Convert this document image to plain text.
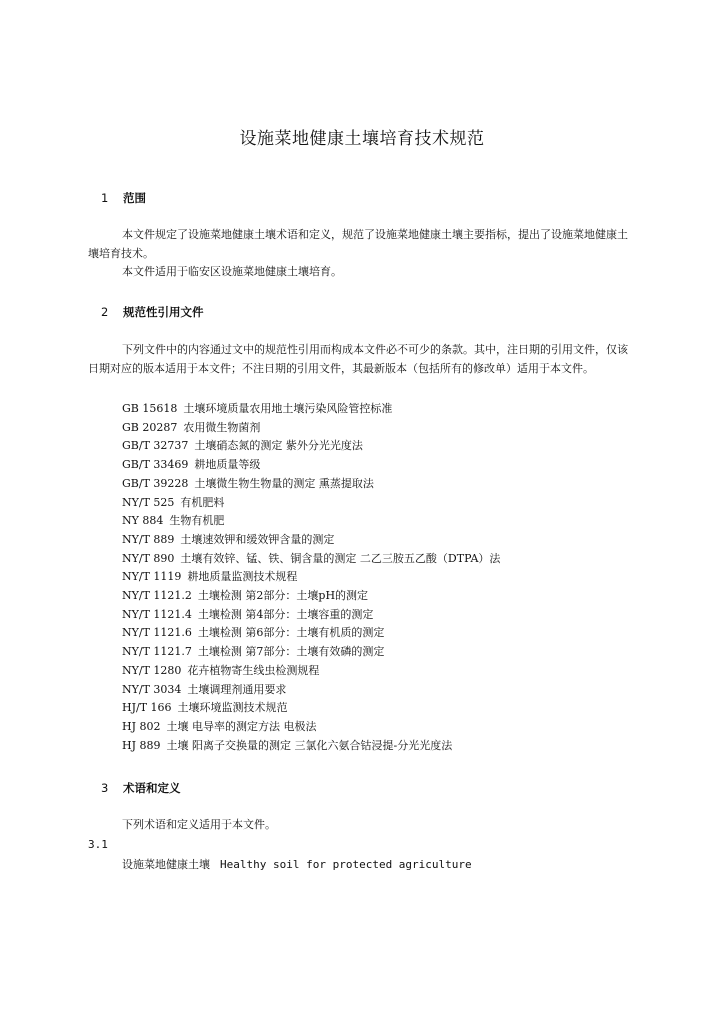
设施菜地健康土壤培育技术规范
1 范围
本文件规定了设施菜地健康土壤术语和定义，规范了设施菜地健康土壤主要指标，提出了设施菜地健康土壤培育技术。
本文件适用于临安区设施菜地健康土壤培育。
2 规范性引用文件
下列文件中的内容通过文中的规范性引用而构成本文件必不可少的条款。其中，注日期的引用文件，仅该日期对应的版本适用于本文件；不注日期的引用文件，其最新版本（包括所有的修改单）适用于本文件。
GB 15618 土壤环境质量农用地土壤污染风险管控标准
GB 20287 农用微生物菌剂
GB/T 32737 土壤硝态氮的测定 紫外分光光度法
GB/T 33469 耕地质量等级
GB/T 39228 土壤微生物生物量的测定 熏蒸提取法
NY/T 525 有机肥料
NY 884 生物有机肥
NY/T 889 土壤速效钾和缓效钾含量的测定
NY/T 890 土壤有效锌、锰、铁、铜含量的测定 二乙三胺五乙酸（DTPA）法
NY/T 1119 耕地质量监测技术规程
NY/T 1121.2 土壤检测 第2部分：土壤pH的测定
NY/T 1121.4 土壤检测 第4部分：土壤容重的测定
NY/T 1121.6 土壤检测 第6部分：土壤有机质的测定
NY/T 1121.7 土壤检测 第7部分：土壤有效磷的测定
NY/T 1280 花卉植物寄生线虫检测规程
NY/T 3034 土壤调理剂通用要求
HJ/T 166 土壤环境监测技术规范
HJ 802 土壤 电导率的测定方法 电极法
HJ 889 土壤 阳离子交换量的测定 三氯化六氨合钴浸提-分光光度法
3 术语和定义
下列术语和定义适用于本文件。
3.1
设施菜地健康土壤 Healthy soil for protected agriculture
